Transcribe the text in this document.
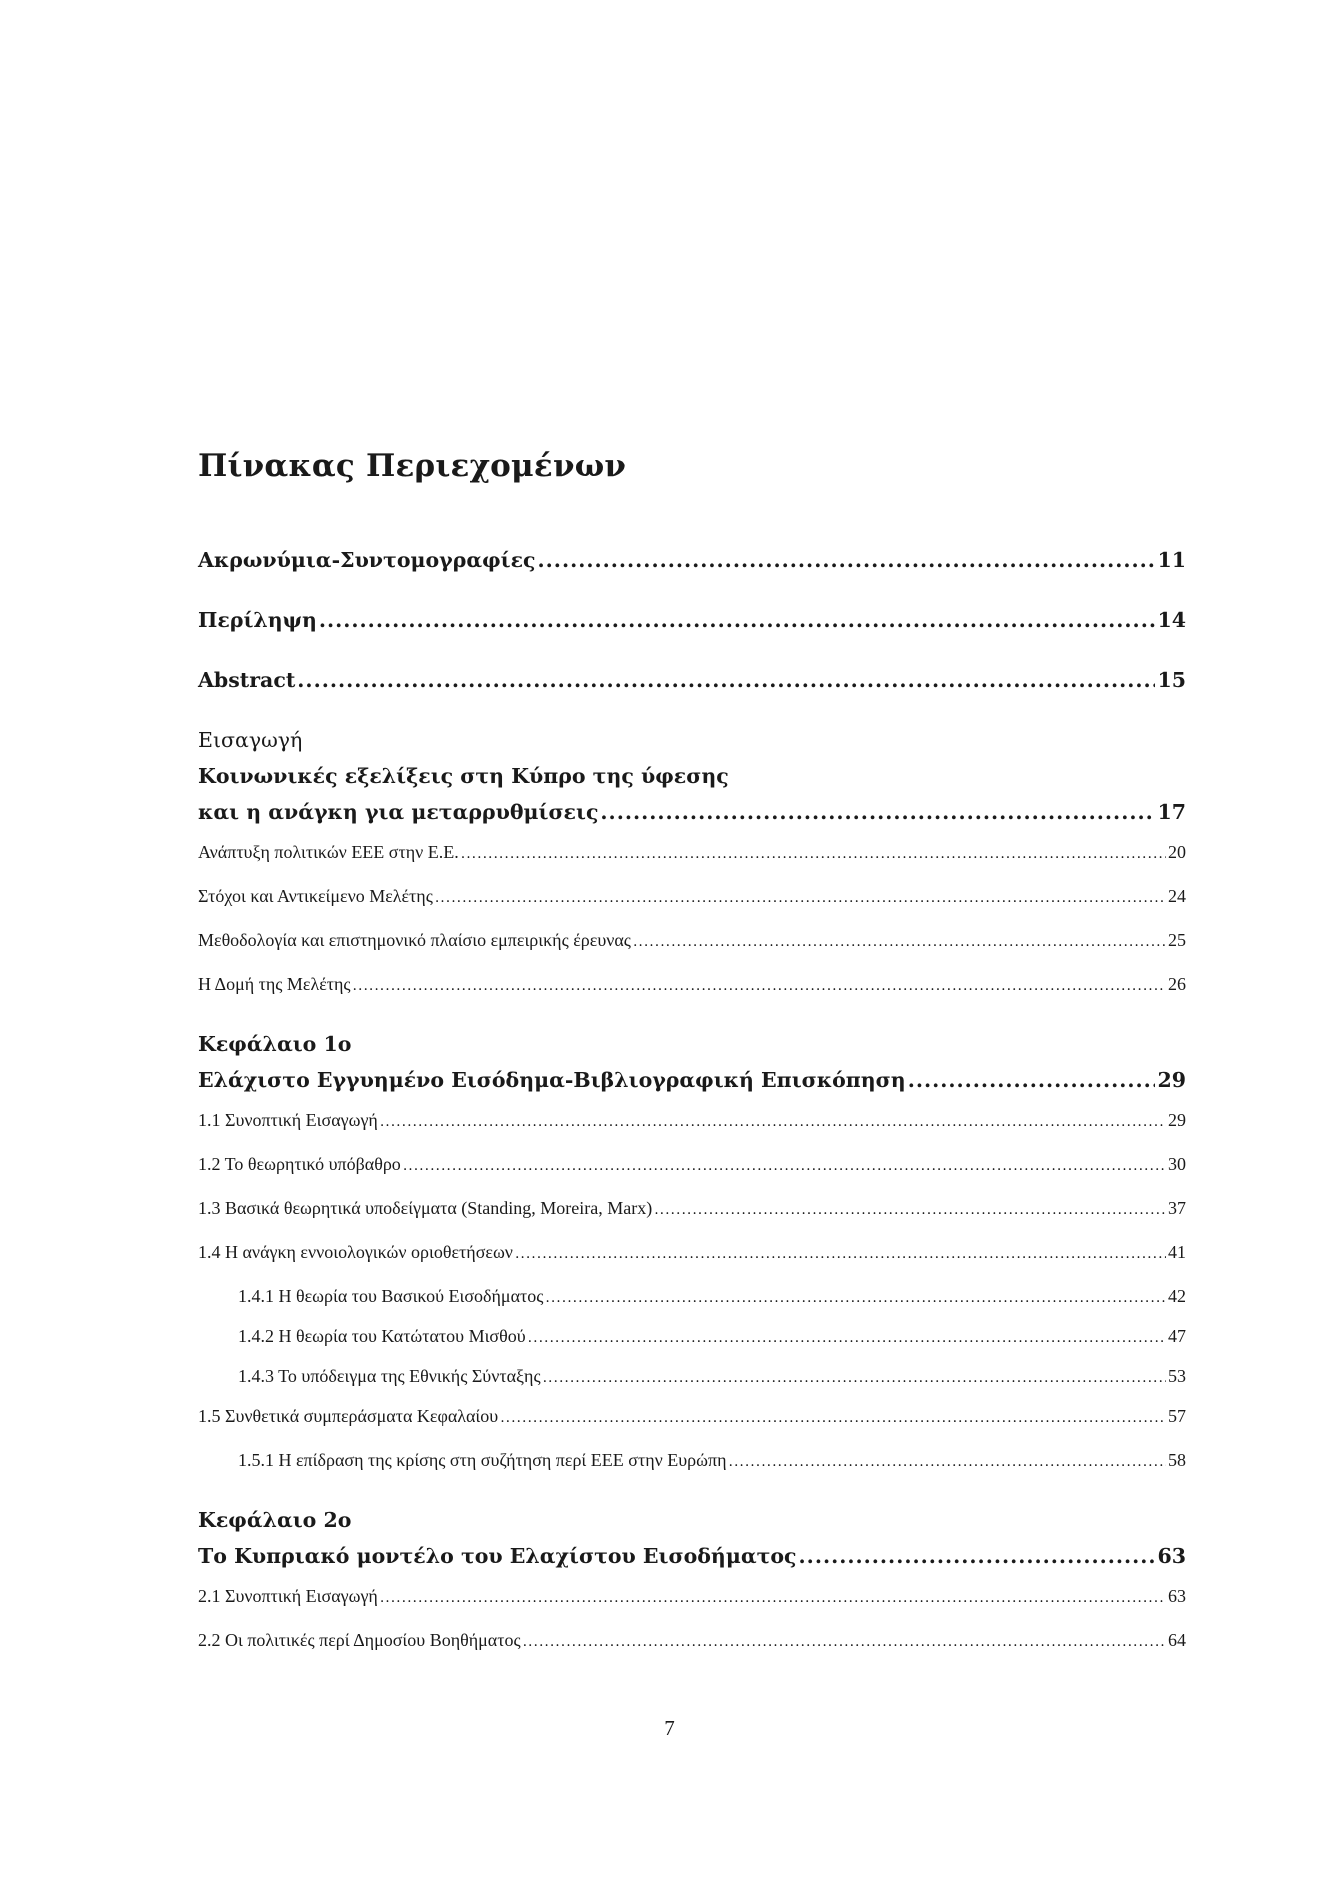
Πίνακας Περιεχομένων
Ακρωνύμια-Συντομογραφίες .....	11
Περίληψη .....	14
Abstract .....	15
Εισαγωγή
Κοινωνικές εξελίξεις στη Κύπρο της ύφεσης
και η ανάγκη για μεταρρυθμίσεις .....	17
Ανάπτυξη πολιτικών ΕΕΕ στην Ε.Ε. .....	20
Στόχοι και Αντικείμενο Μελέτης .....	24
Μεθοδολογία και επιστημονικό πλαίσιο εμπειρικής έρευνας .....	25
Η Δομή της Μελέτης .....	26
Κεφάλαιο 1ο
Ελάχιστο Εγγυημένο Εισόδημα-Βιβλιογραφική Επισκόπηση .....	29
1.1 Συνοπτική Εισαγωγή .....	29
1.2 Το θεωρητικό υπόβαθρο .....	30
1.3 Βασικά θεωρητικά υποδείγματα (Standing, Moreira, Marx) .....	37
1.4 Η ανάγκη εννοιολογικών οριοθετήσεων .....	41
1.4.1 Η θεωρία του Βασικού Εισοδήματος .....	42
1.4.2 Η θεωρία του Κατώτατου Μισθού .....	47
1.4.3 Το υπόδειγμα της Εθνικής Σύνταξης .....	53
1.5 Συνθετικά συμπεράσματα Κεφαλαίου .....	57
1.5.1 Η επίδραση της κρίσης στη συζήτηση περί ΕΕΕ στην Ευρώπη .....	58
Κεφάλαιο 2ο
Το Κυπριακό μοντέλο του Ελαχίστου Εισοδήματος .....	63
2.1 Συνοπτική Εισαγωγή .....	63
2.2 Οι πολιτικές περί Δημοσίου Βοηθήματος .....	64
7
